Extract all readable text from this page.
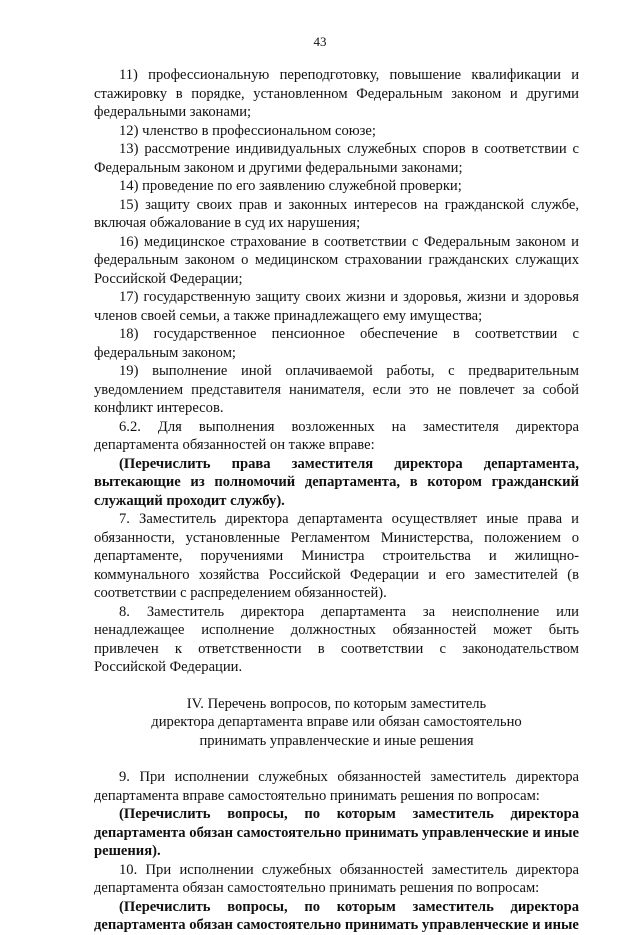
43

11) профессиональную переподготовку, повышение квалификации и стажировку в порядке, установленном Федеральным законом и другими федеральными законами;

12) членство в профессиональном союзе;

13) рассмотрение индивидуальных служебных споров в соответствии с Федеральным законом и другими федеральными законами;

14) проведение по его заявлению служебной проверки;

15) защиту своих прав и законных интересов на гражданской службе, включая обжалование в суд их нарушения;

16) медицинское страхование в соответствии с Федеральным законом и федеральным законом о медицинском страховании гражданских служащих Российской Федерации;

17) государственную защиту своих жизни и здоровья, жизни и здоровья членов своей семьи, а также принадлежащего ему имущества;

18) государственное пенсионное обеспечение в соответствии с федеральным законом;

19) выполнение иной оплачиваемой работы, с предварительным уведомлением представителя нанимателя, если это не повлечет за собой конфликт интересов.

6.2. Для выполнения возложенных на заместителя директора департамента обязанностей он также вправе:

(Перечислить права заместителя директора департамента, вытекающие из полномочий департамента, в котором гражданский служащий проходит службу).

7. Заместитель директора департамента осуществляет иные права и обязанности, установленные Регламентом Министерства, положением о департаменте, поручениями Министра строительства и жилищно-коммунального хозяйства Российской Федерации и его заместителей (в соответствии с распределением обязанностей).

8. Заместитель директора департамента за неисполнение или ненадлежащее исполнение должностных обязанностей может быть привлечен к ответственности в соответствии с законодательством Российской Федерации.

IV. Перечень вопросов, по которым заместитель
директора департамента вправе или обязан самостоятельно
принимать управленческие и иные решения

9. При исполнении служебных обязанностей заместитель директора департамента вправе самостоятельно принимать решения по вопросам:

(Перечислить вопросы, по которым заместитель директора департамента обязан самостоятельно принимать управленческие и иные решения).

10. При исполнении служебных обязанностей заместитель директора департамента обязан самостоятельно принимать решения по вопросам:

(Перечислить вопросы, по которым заместитель директора департамента обязан самостоятельно принимать управленческие и иные
